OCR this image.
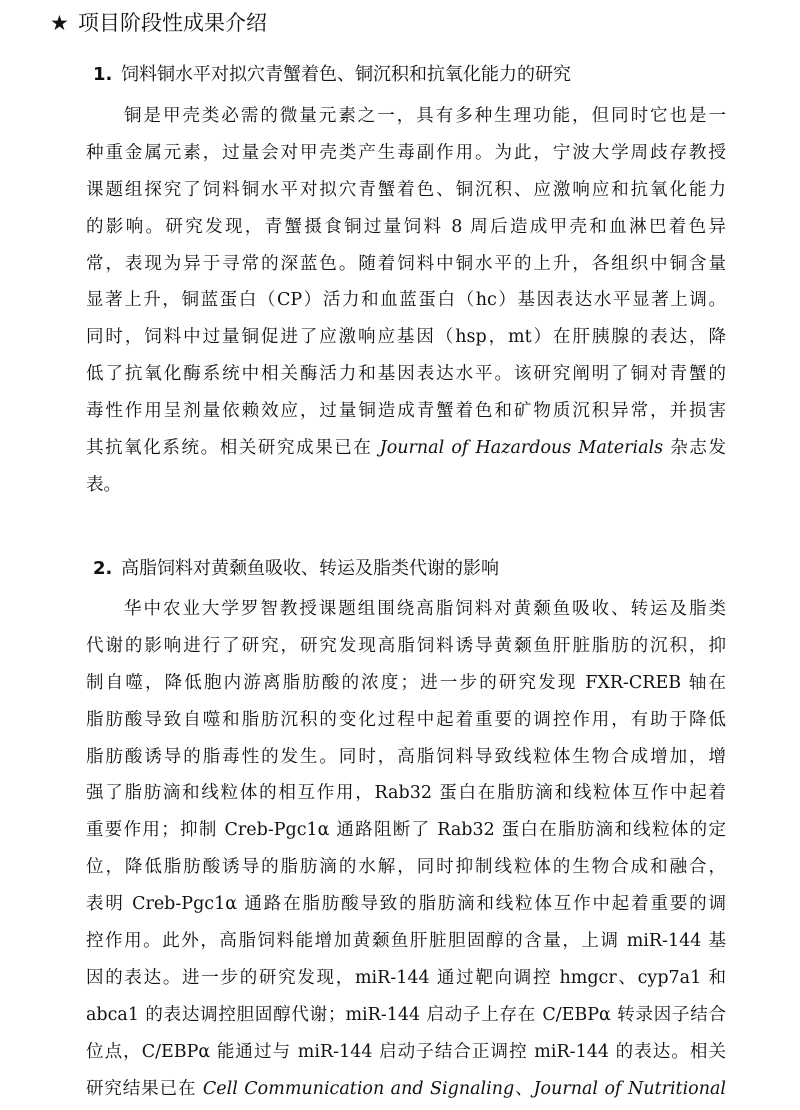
★ 项目阶段性成果介绍
1. 饲料铜水平对拟穴青蟹着色、铜沉积和抗氧化能力的研究
铜是甲壳类必需的微量元素之一，具有多种生理功能，但同时它也是一
种重金属元素，过量会对甲壳类产生毒副作用。为此，宁波大学周歧存教授
课题组探究了饲料铜水平对拟穴青蟹着色、铜沉积、应激响应和抗氧化能力
的影响。研究发现，青蟹摄食铜过量饲料 8 周后造成甲壳和血淋巴着色异
常，表现为异于寻常的深蓝色。随着饲料中铜水平的上升，各组织中铜含量
显著上升，铜蓝蛋白（CP）活力和血蓝蛋白（hc）基因表达水平显著上调。
同时，饲料中过量铜促进了应激响应基因（hsp，mt）在肝胰腺的表达，降
低了抗氧化酶系统中相关酶活力和基因表达水平。该研究阐明了铜对青蟹的
毒性作用呈剂量依赖效应，过量铜造成青蟹着色和矿物质沉积异常，并损害
其抗氧化系统。相关研究成果已在 Journal of Hazardous Materials 杂志发
表。
2. 高脂饲料对黄颡鱼吸收、转运及脂类代谢的影响
华中农业大学罗智教授课题组围绕高脂饲料对黄颡鱼吸收、转运及脂类
代谢的影响进行了研究，研究发现高脂饲料诱导黄颡鱼肝脏脂肪的沉积，抑
制自噬，降低胞内游离脂肪酸的浓度；进一步的研究发现 FXR-CREB 轴在
脂肪酸导致自噬和脂肪沉积的变化过程中起着重要的调控作用，有助于降低
脂肪酸诱导的脂毒性的发生。同时，高脂饲料导致线粒体生物合成增加，增
强了脂肪滴和线粒体的相互作用，Rab32 蛋白在脂肪滴和线粒体互作中起着
重要作用；抑制 Creb-Pgc1α 通路阻断了 Rab32 蛋白在脂肪滴和线粒体的定
位，降低脂肪酸诱导的脂肪滴的水解，同时抑制线粒体的生物合成和融合，
表明 Creb-Pgc1α 通路在脂肪酸导致的脂肪滴和线粒体互作中起着重要的调
控作用。此外，高脂饲料能增加黄颡鱼肝脏胆固醇的含量，上调 miR-144 基
因的表达。进一步的研究发现，miR-144 通过靶向调控 hmgcr、cyp7a1 和
abca1 的表达调控胆固醇代谢；miR-144 启动子上存在 C/EBPα 转录因子结合
位点，C/EBPα 能通过与 miR-144 启动子结合正调控 miR-144 的表达。相关
研究结果已在 Cell Communication and Signaling、Journal of Nutritional
